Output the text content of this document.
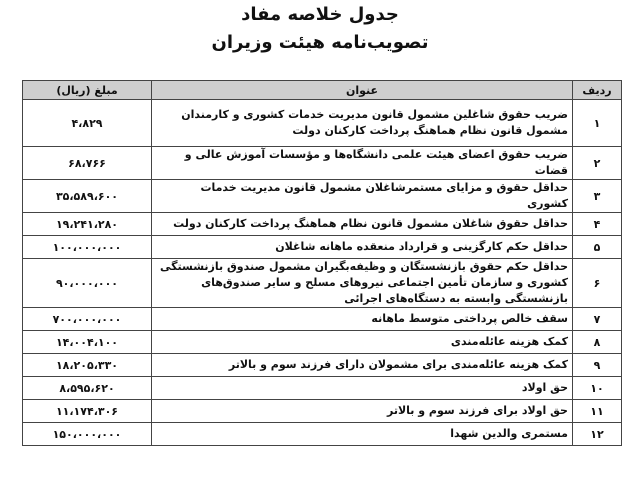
جدول خلاصه مفاد
تصویب‌نامه هیئت وزیران
ردیف	عنوان	مبلغ (ریال)
۱	ضریب حقوق شاغلین مشمول قانون مدیریت خدمات کشوری و کارمندان مشمول قانون نظام هماهنگ پرداخت کارکنان دولت	۴،۸۲۹
۲	ضریب حقوق اعضای هیئت علمی دانشگاه‌ها و مؤسسات آموزش عالی و قضات	۶۸،۷۶۶
۳	حداقل حقوق و مزایای مستمرشاغلان مشمول قانون مدیریت خدمات کشوری	۳۵،۵۸۹،۶۰۰
۴	حداقل حقوق شاغلان مشمول قانون نظام هماهنگ پرداخت کارکنان دولت	۱۹،۲۴۱،۲۸۰
۵	حداقل حکم کارگزینی و قرارداد منعقده ماهانه شاغلان	۱۰۰،۰۰۰،۰۰۰
۶	حداقل حکم حقوق بازنشستگان و وظیفه‌بگیران مشمول صندوق بازنشستگی کشوری و سازمان تأمین اجتماعی نیروهای مسلح و سایر صندوق‌های بازنشستگی وابسته به دستگاه‌های اجرائی	۹۰،۰۰۰،۰۰۰
۷	سقف خالص پرداختی متوسط ماهانه	۷۰۰،۰۰۰،۰۰۰
۸	کمک هزینه عائله‌مندی	۱۴،۰۰۴،۱۰۰
۹	کمک هزینه عائله‌مندی برای مشمولان دارای فرزند سوم و بالاتر	۱۸،۲۰۵،۳۳۰
۱۰	حق اولاد	۸،۵۹۵،۶۲۰
۱۱	حق اولاد برای فرزند سوم و بالاتر	۱۱،۱۷۴،۳۰۶
۱۲	مستمری والدین شهدا	۱۵۰،۰۰۰،۰۰۰
